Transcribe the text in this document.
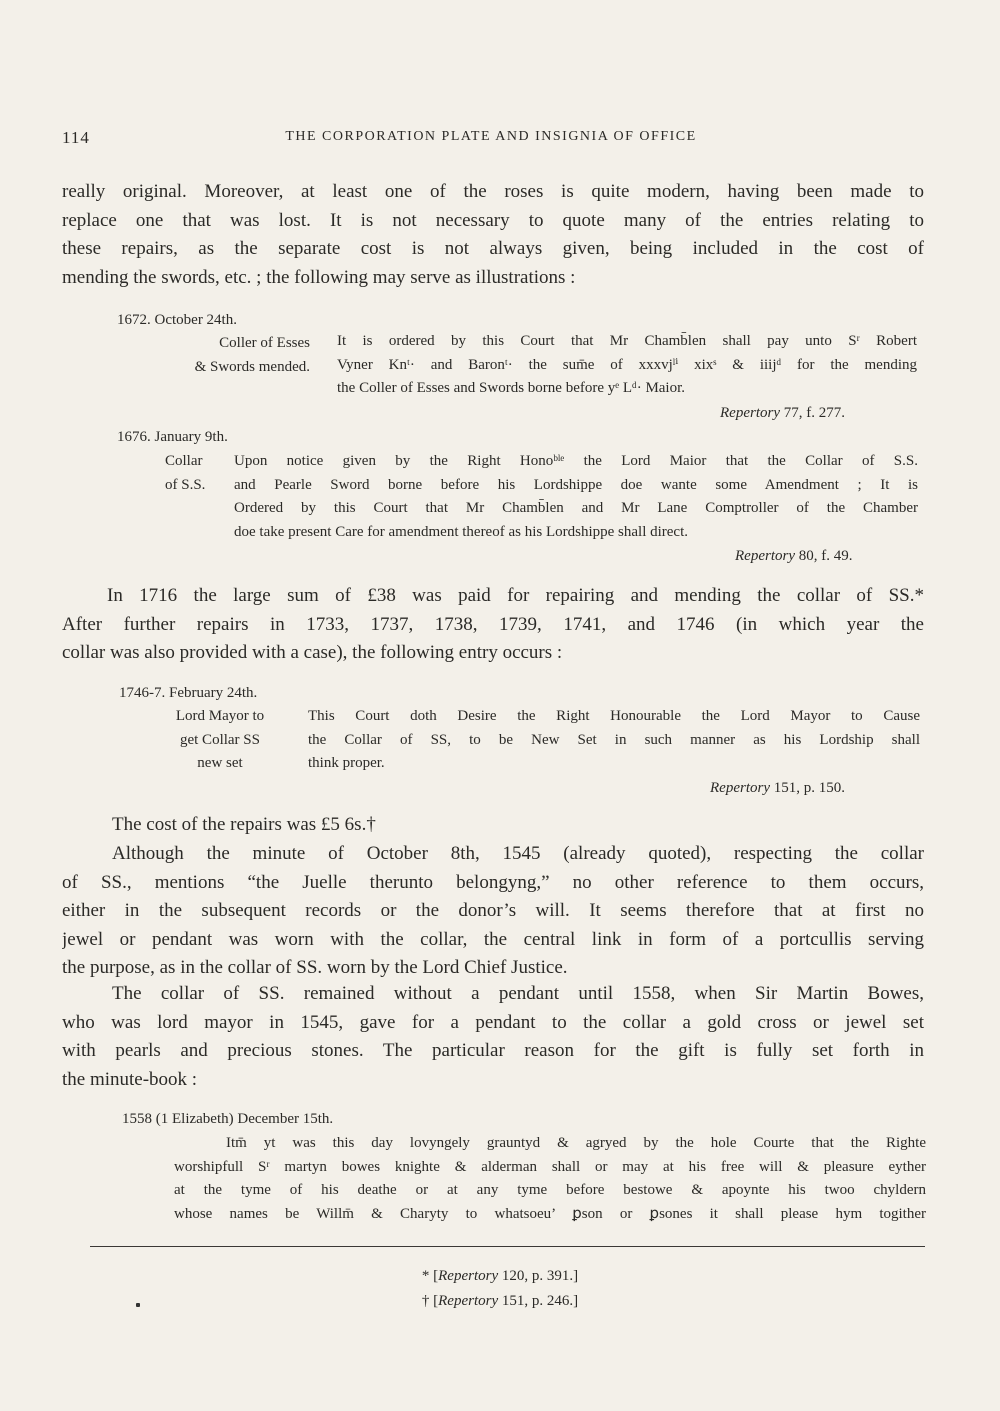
114	THE CORPORATION PLATE AND INSIGNIA OF OFFICE
really original. Moreover, at least one of the roses is quite modern, having been made to
replace one that was lost. It is not necessary to quote many of the entries relating to
these repairs, as the separate cost is not always given, being included in the cost of
mending the swords, etc. ; the following may serve as illustrations :
1672. October 24th.
Coller of Esses
& Swords mended.
It is ordered by this Court that Mr Chamb̄len shall pay unto Sʳ Robert
Vyner Knᵗ· and Baronᵗ· the sum̄e of xxxvjˡⁱ xixˢ & iiijᵈ for the mending
the Coller of Esses and Swords borne before yᵉ Lᵈ· Maior.
Repertory 77, f. 277.
1676. January 9th.
Collar
of S.S.
Upon notice given by the Right Honoᵇˡᵉ the Lord Maior that the Collar of S.S.
and Pearle Sword borne before his Lordshippe doe wante some Amendment ; It is
Ordered by this Court that Mr Chamb̄len and Mr Lane Comptroller of the Chamber
doe take present Care for amendment thereof as his Lordshippe shall direct.
Repertory 80, f. 49.
In 1716 the large sum of £38 was paid for repairing and mending the collar of SS.*
After further repairs in 1733, 1737, 1738, 1739, 1741, and 1746 (in which year the
collar was also provided with a case), the following entry occurs :
1746-7. February 24th.
Lord Mayor to
get Collar SS
new set
This Court doth Desire the Right Honourable the Lord Mayor to Cause
the Collar of SS, to be New Set in such manner as his Lordship shall
think proper.
Repertory 151, p. 150.
The cost of the repairs was £5 6s.†
Although the minute of October 8th, 1545 (already quoted), respecting the collar
of SS., mentions “the Juelle therunto belongyng,” no other reference to them occurs,
either in the subsequent records or the donor’s will. It seems therefore that at first no
jewel or pendant was worn with the collar, the central link in form of a portcullis serving
the purpose, as in the collar of SS. worn by the Lord Chief Justice.
The collar of SS. remained without a pendant until 1558, when Sir Martin Bowes,
who was lord mayor in 1545, gave for a pendant to the collar a gold cross or jewel set
with pearls and precious stones. The particular reason for the gift is fully set forth in
the minute-book :
1558 (1 Elizabeth) December 15th.
Itm̄ yt was this day lovyngely grauntyd & agryed by the hole Courte that the Righte
worshipfull Sʳ martyn bowes knighte & alderman shall or may at his free will & pleasure eyther
at the tyme of his deathe or at any tyme before bestowe & apoynte his twoo chyldern
whose names be Willm̄ & Charyty to whatsoeu’ ꝑson or ꝑsones it shall please hym togither
* [Repertory 120, p. 391.]
† [Repertory 151, p. 246.]
